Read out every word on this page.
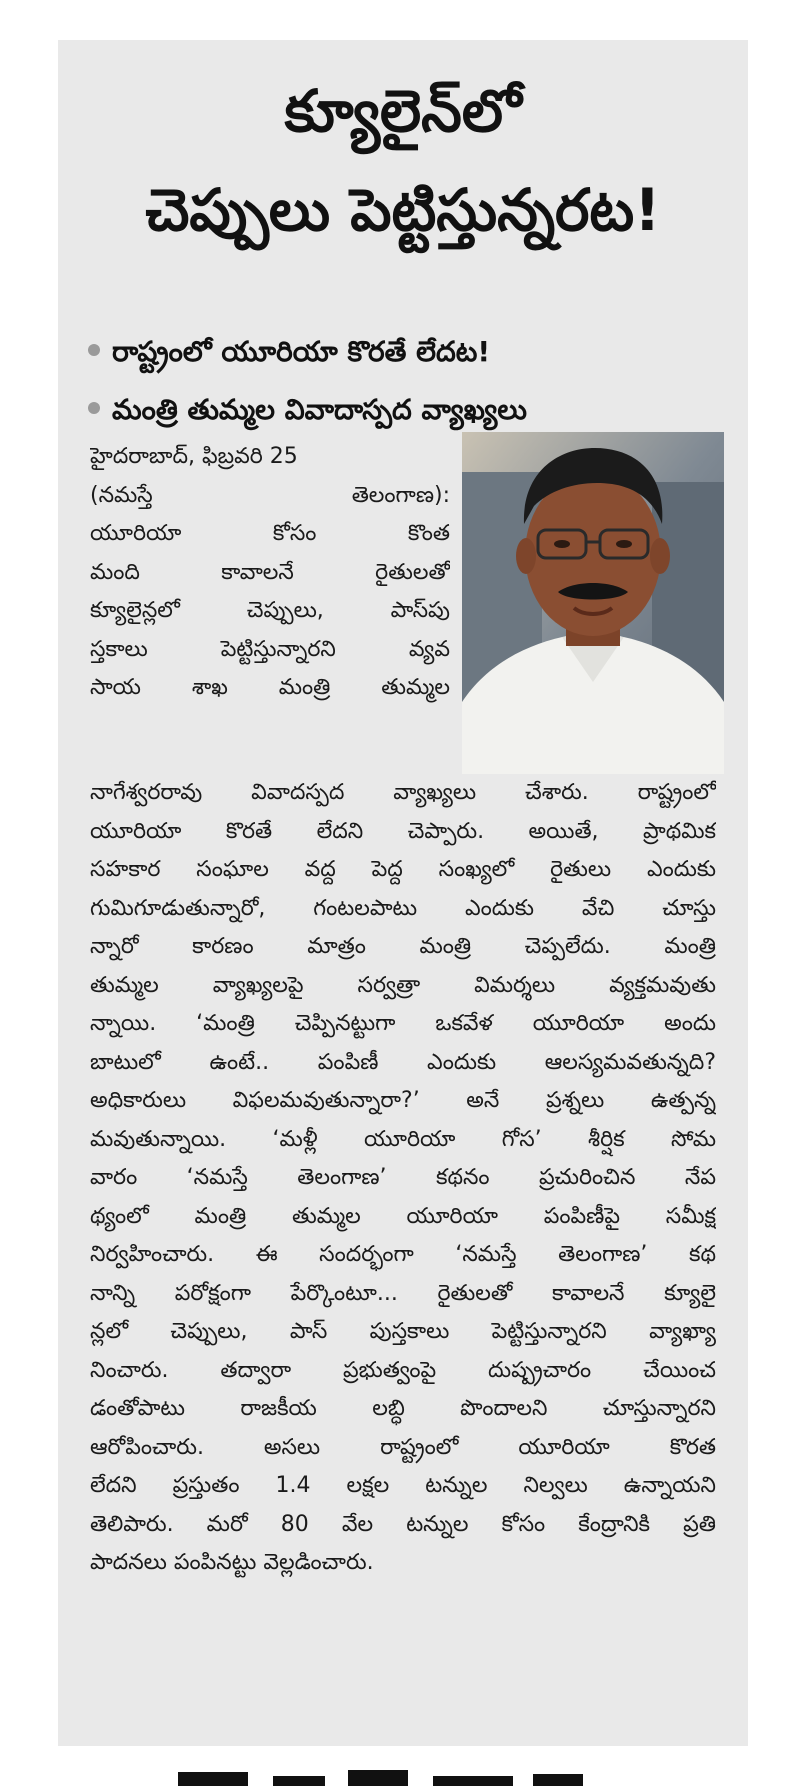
క్యూలైన్‌లో
చెప్పులు పెట్టిస్తున్నరట!
రాష్ట్రంలో యూరియా కొరతే లేదట!
మంత్రి తుమ్మల వివాదాస్పద వ్యాఖ్యలు
హైదరాబాద్, ఫిబ్రవరి 25
(నమస్తే తెలంగాణ):
యూరియా కోసం కొంత
మంది కావాలనే రైతులతో
క్యూలైన్లలో చెప్పులు, పాస్‌పు
స్తకాలు పెట్టిస్తున్నారని వ్యవ
సాయ శాఖ మంత్రి తుమ్మల
నాగేశ్వరరావు వివాదస్పద వ్యాఖ్యలు చేశారు. రాష్ట్రంలో
యూరియా కొరతే లేదని చెప్పారు. అయితే, ప్రాథమిక
సహకార సంఘాల వద్ద పెద్ద సంఖ్యలో రైతులు ఎందుకు
గుమిగూడుతున్నారో, గంటలపాటు ఎందుకు వేచి చూస్తు
న్నారో కారణం మాత్రం మంత్రి చెప్పలేదు. మంత్రి
తుమ్మల వ్యాఖ్యలపై సర్వత్రా విమర్శలు వ్యక్తమవుతు
న్నాయి. ‘మంత్రి చెప్పినట్టుగా ఒకవేళ యూరియా అందు
బాటులో ఉంటే.. పంపిణీ ఎందుకు ఆలస్యమవతున్నది?
అధికారులు విఫలమవుతున్నారా?’ అనే ప్రశ్నలు ఉత్పన్న
మవుతున్నాయి. ‘మళ్లీ యూరియా గోస’ శీర్షిక సోమ
వారం ‘నమస్తే తెలంగాణ’ కథనం ప్రచురించిన నేప
థ్యంలో మంత్రి తుమ్మల యూరియా పంపిణీపై సమీక్ష
నిర్వహించారు. ఈ సందర్భంగా ‘నమస్తే తెలంగాణ’ కథ
నాన్ని పరోక్షంగా పేర్కొంటూ... రైతులతో కావాలనే క్యూలై
న్లలో చెప్పులు, పాస్ పుస్తకాలు పెట్టిస్తున్నారని వ్యాఖ్యా
నించారు. తద్వారా ప్రభుత్వంపై దుష్ప్రచారం చేయించ
డంతోపాటు రాజకీయ లబ్ధి పొందాలని చూస్తున్నారని
ఆరోపించారు. అసలు రాష్ట్రంలో యూరియా కొరత
లేదని ప్రస్తుతం 1.4 లక్షల టన్నుల నిల్వలు ఉన్నాయని
తెలిపారు. మరో 80 వేల టన్నుల కోసం కేంద్రానికి ప్రతి
పాదనలు పంపినట్టు వెల్లడించారు.
